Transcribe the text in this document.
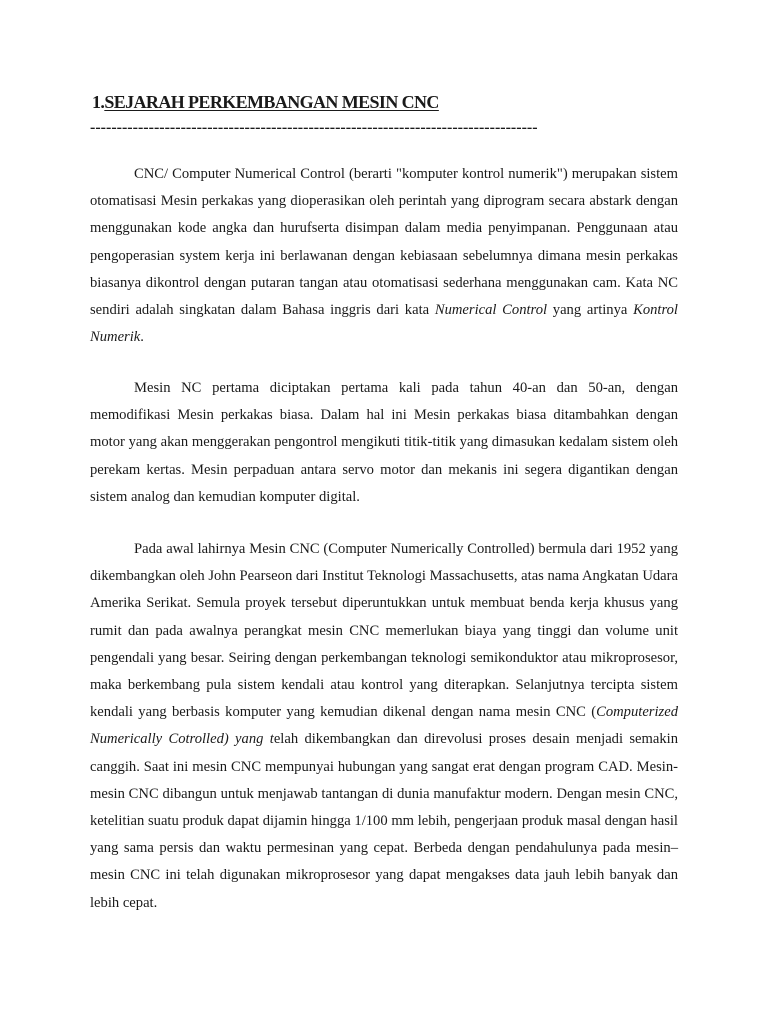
1.SEJARAH PERKEMBANGAN MESIN CNC
------------------------------------------------------------------------------------

CNC/ Computer Numerical Control (berarti "komputer kontrol numerik") merupakan sistem otomatisasi Mesin perkakas yang dioperasikan oleh perintah yang diprogram secara abstark dengan menggunakan kode angka dan hurufserta disimpan dalam media penyimpanan. Penggunaan atau pengoperasian system kerja ini berlawanan dengan kebiasaan sebelumnya dimana mesin perkakas biasanya dikontrol dengan putaran tangan atau otomatisasi sederhana menggunakan cam. Kata NC sendiri adalah singkatan dalam Bahasa inggris dari kata Numerical Control yang artinya Kontrol Numerik.

Mesin NC pertama diciptakan pertama kali pada tahun 40-an dan 50-an, dengan memodifikasi Mesin perkakas biasa. Dalam hal ini Mesin perkakas biasa ditambahkan dengan motor yang akan menggerakan pengontrol mengikuti titik-titik yang dimasukan kedalam sistem oleh perekam kertas. Mesin perpaduan antara servo motor dan mekanis ini segera digantikan dengan sistem analog dan kemudian komputer digital.

Pada awal lahirnya Mesin CNC (Computer Numerically Controlled) bermula dari 1952 yang dikembangkan oleh John Pearseon dari Institut Teknologi Massachusetts, atas nama Angkatan Udara Amerika Serikat. Semula proyek tersebut diperuntukkan untuk membuat benda kerja khusus yang rumit dan pada awalnya perangkat mesin CNC memerlukan biaya yang tinggi dan volume unit pengendali yang besar. Seiring dengan perkembangan teknologi semikonduktor atau mikroprosesor, maka berkembang pula sistem kendali atau kontrol yang diterapkan. Selanjutnya tercipta sistem kendali yang berbasis komputer yang kemudian dikenal dengan nama mesin CNC (Computerized Numerically Cotrolled) yang telah dikembangkan dan direvolusi proses desain menjadi semakin canggih. Saat ini mesin CNC mempunyai hubungan yang sangat erat dengan program CAD. Mesin-mesin CNC dibangun untuk menjawab tantangan di dunia manufaktur modern. Dengan mesin CNC, ketelitian suatu produk dapat dijamin hingga 1/100 mm lebih, pengerjaan produk masal dengan hasil yang sama persis dan waktu permesinan yang cepat. Berbeda dengan pendahulunya pada mesin–mesin CNC ini telah digunakan mikroprosesor yang dapat mengakses data jauh lebih banyak dan lebih cepat.
